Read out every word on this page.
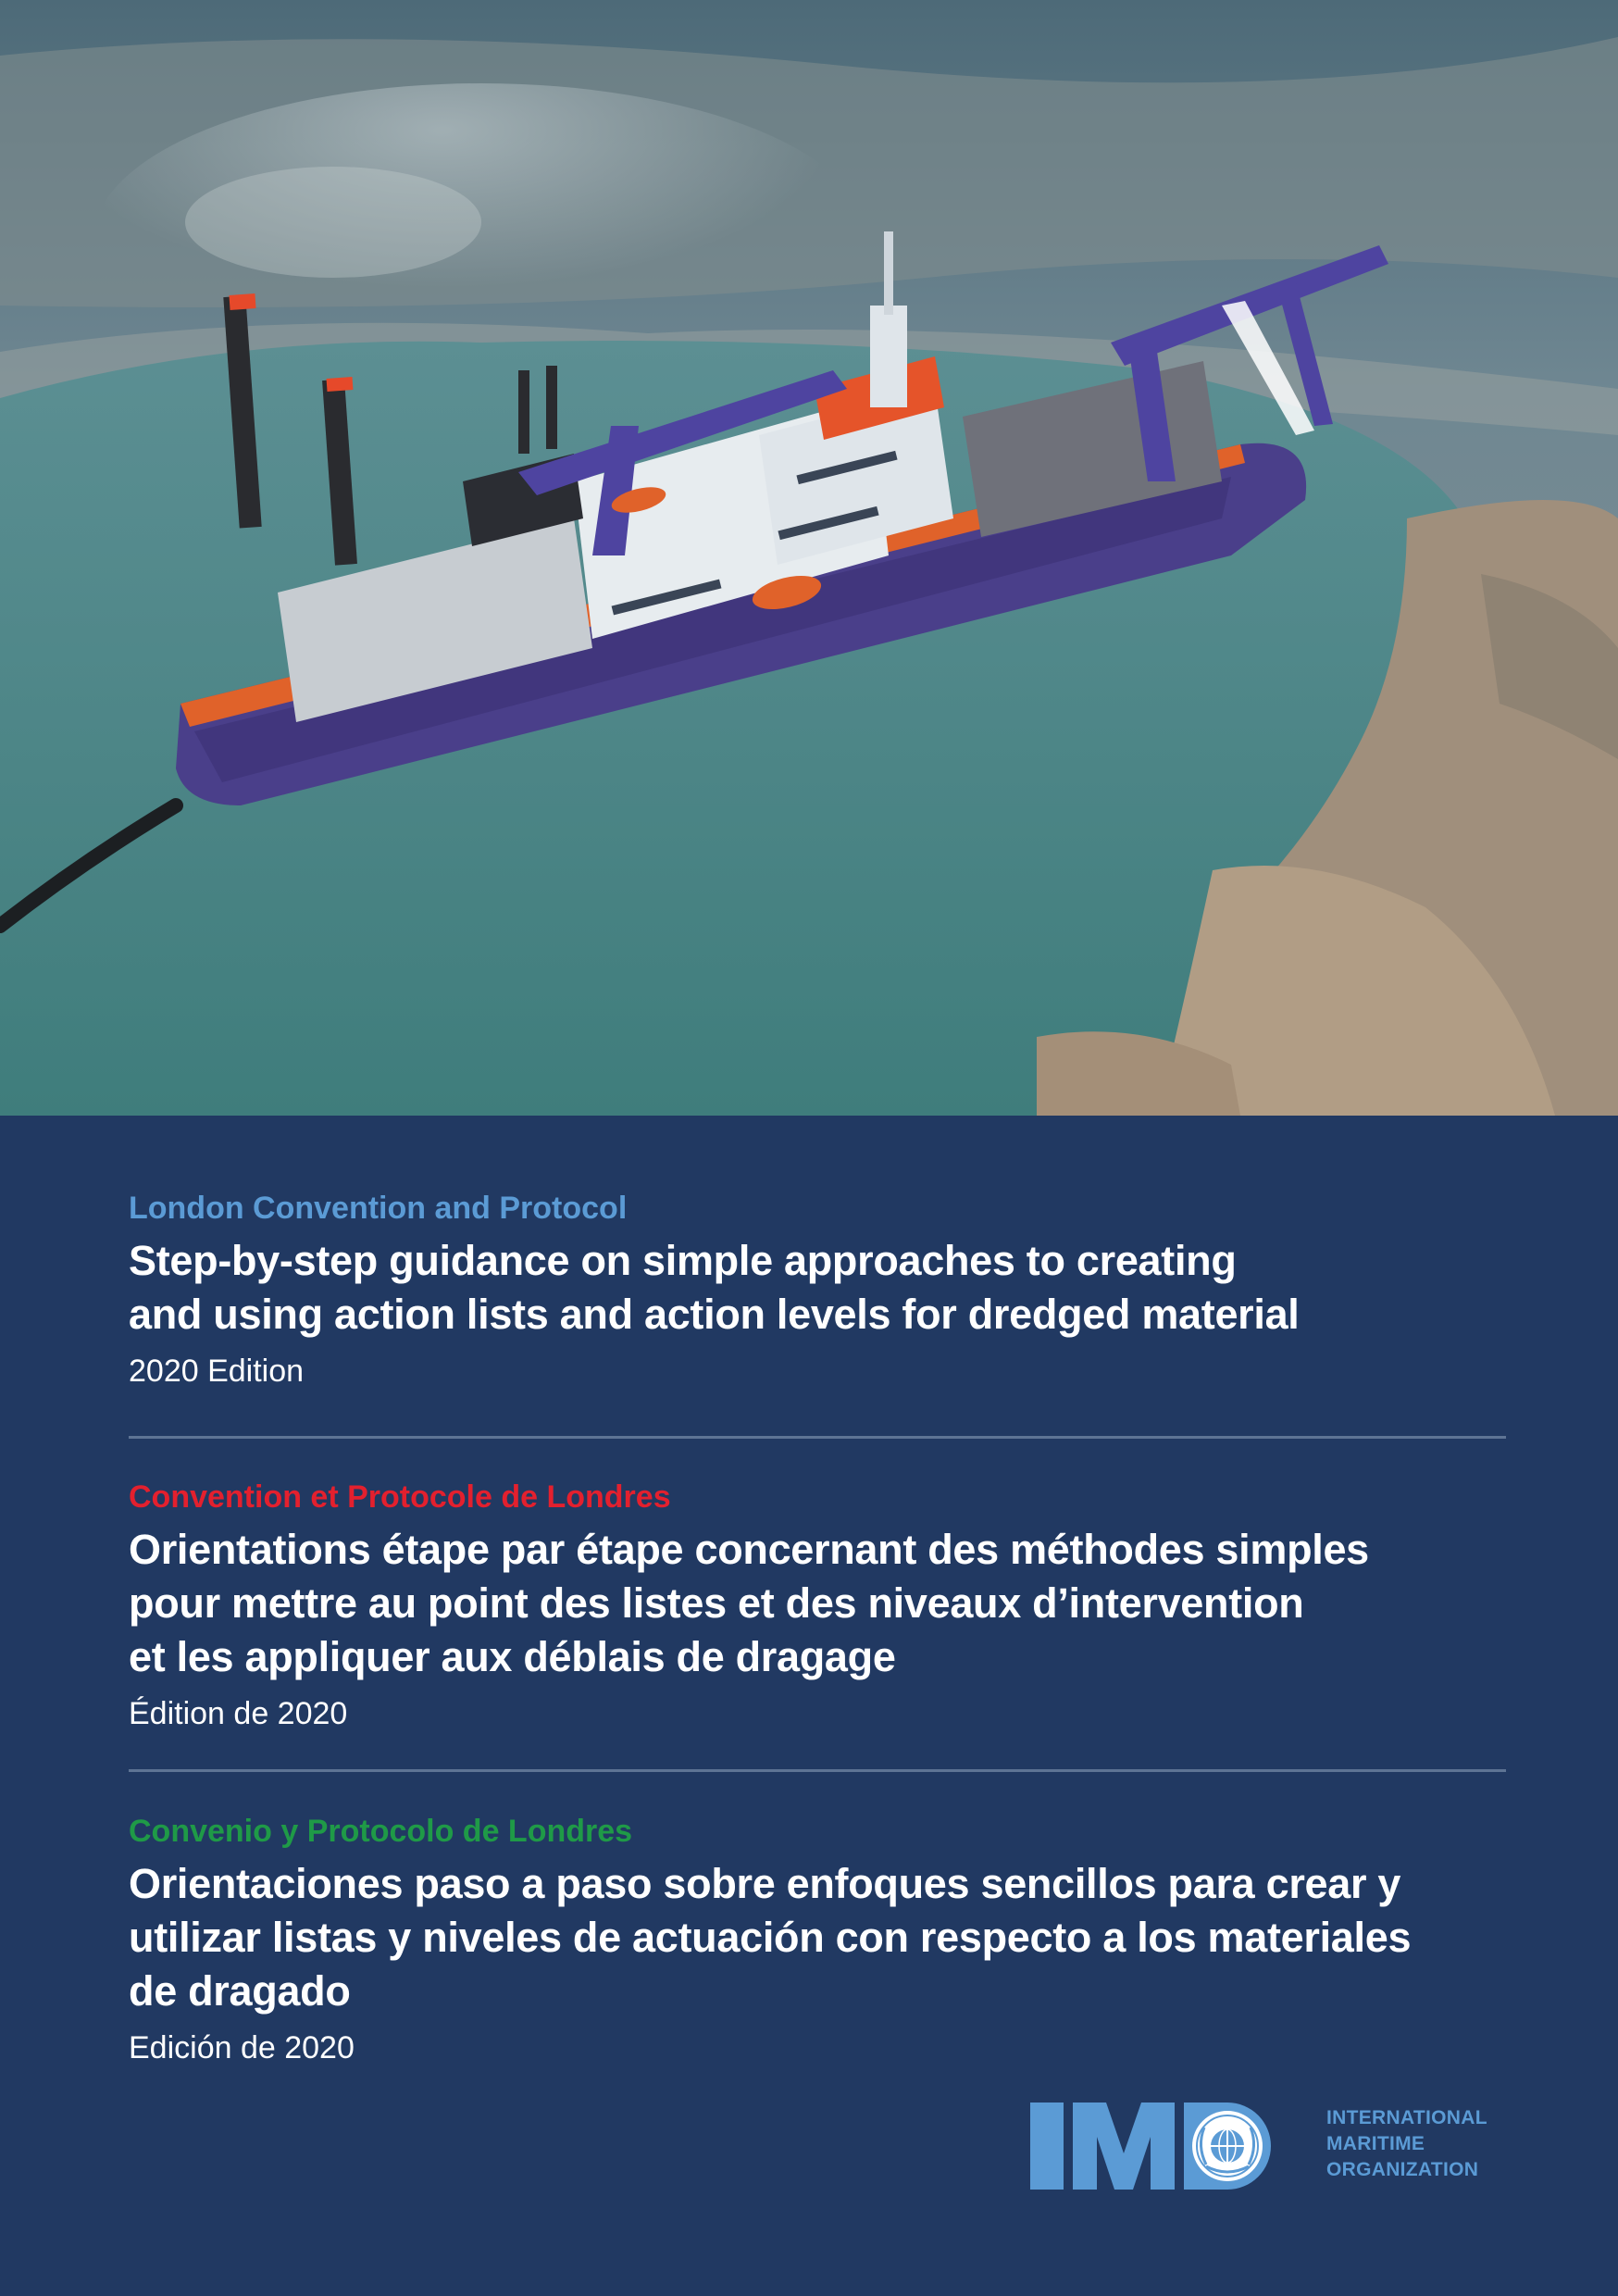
London Convention and Protocol
Step-by-step guidance on simple approaches to creating
and using action lists and action levels for dredged material
2020 Edition
Convention et Protocole de Londres
Orientations étape par étape concernant des méthodes simples
pour mettre au point des listes et des niveaux d’intervention
et les appliquer aux déblais de dragage
Édition de 2020
Convenio y Protocolo de Londres
Orientaciones paso a paso sobre enfoques sencillos para crear y
utilizar listas y niveles de actuación con respecto a los materiales
de dragado
Edición de 2020
INTERNATIONAL
MARITIME
ORGANIZATION
